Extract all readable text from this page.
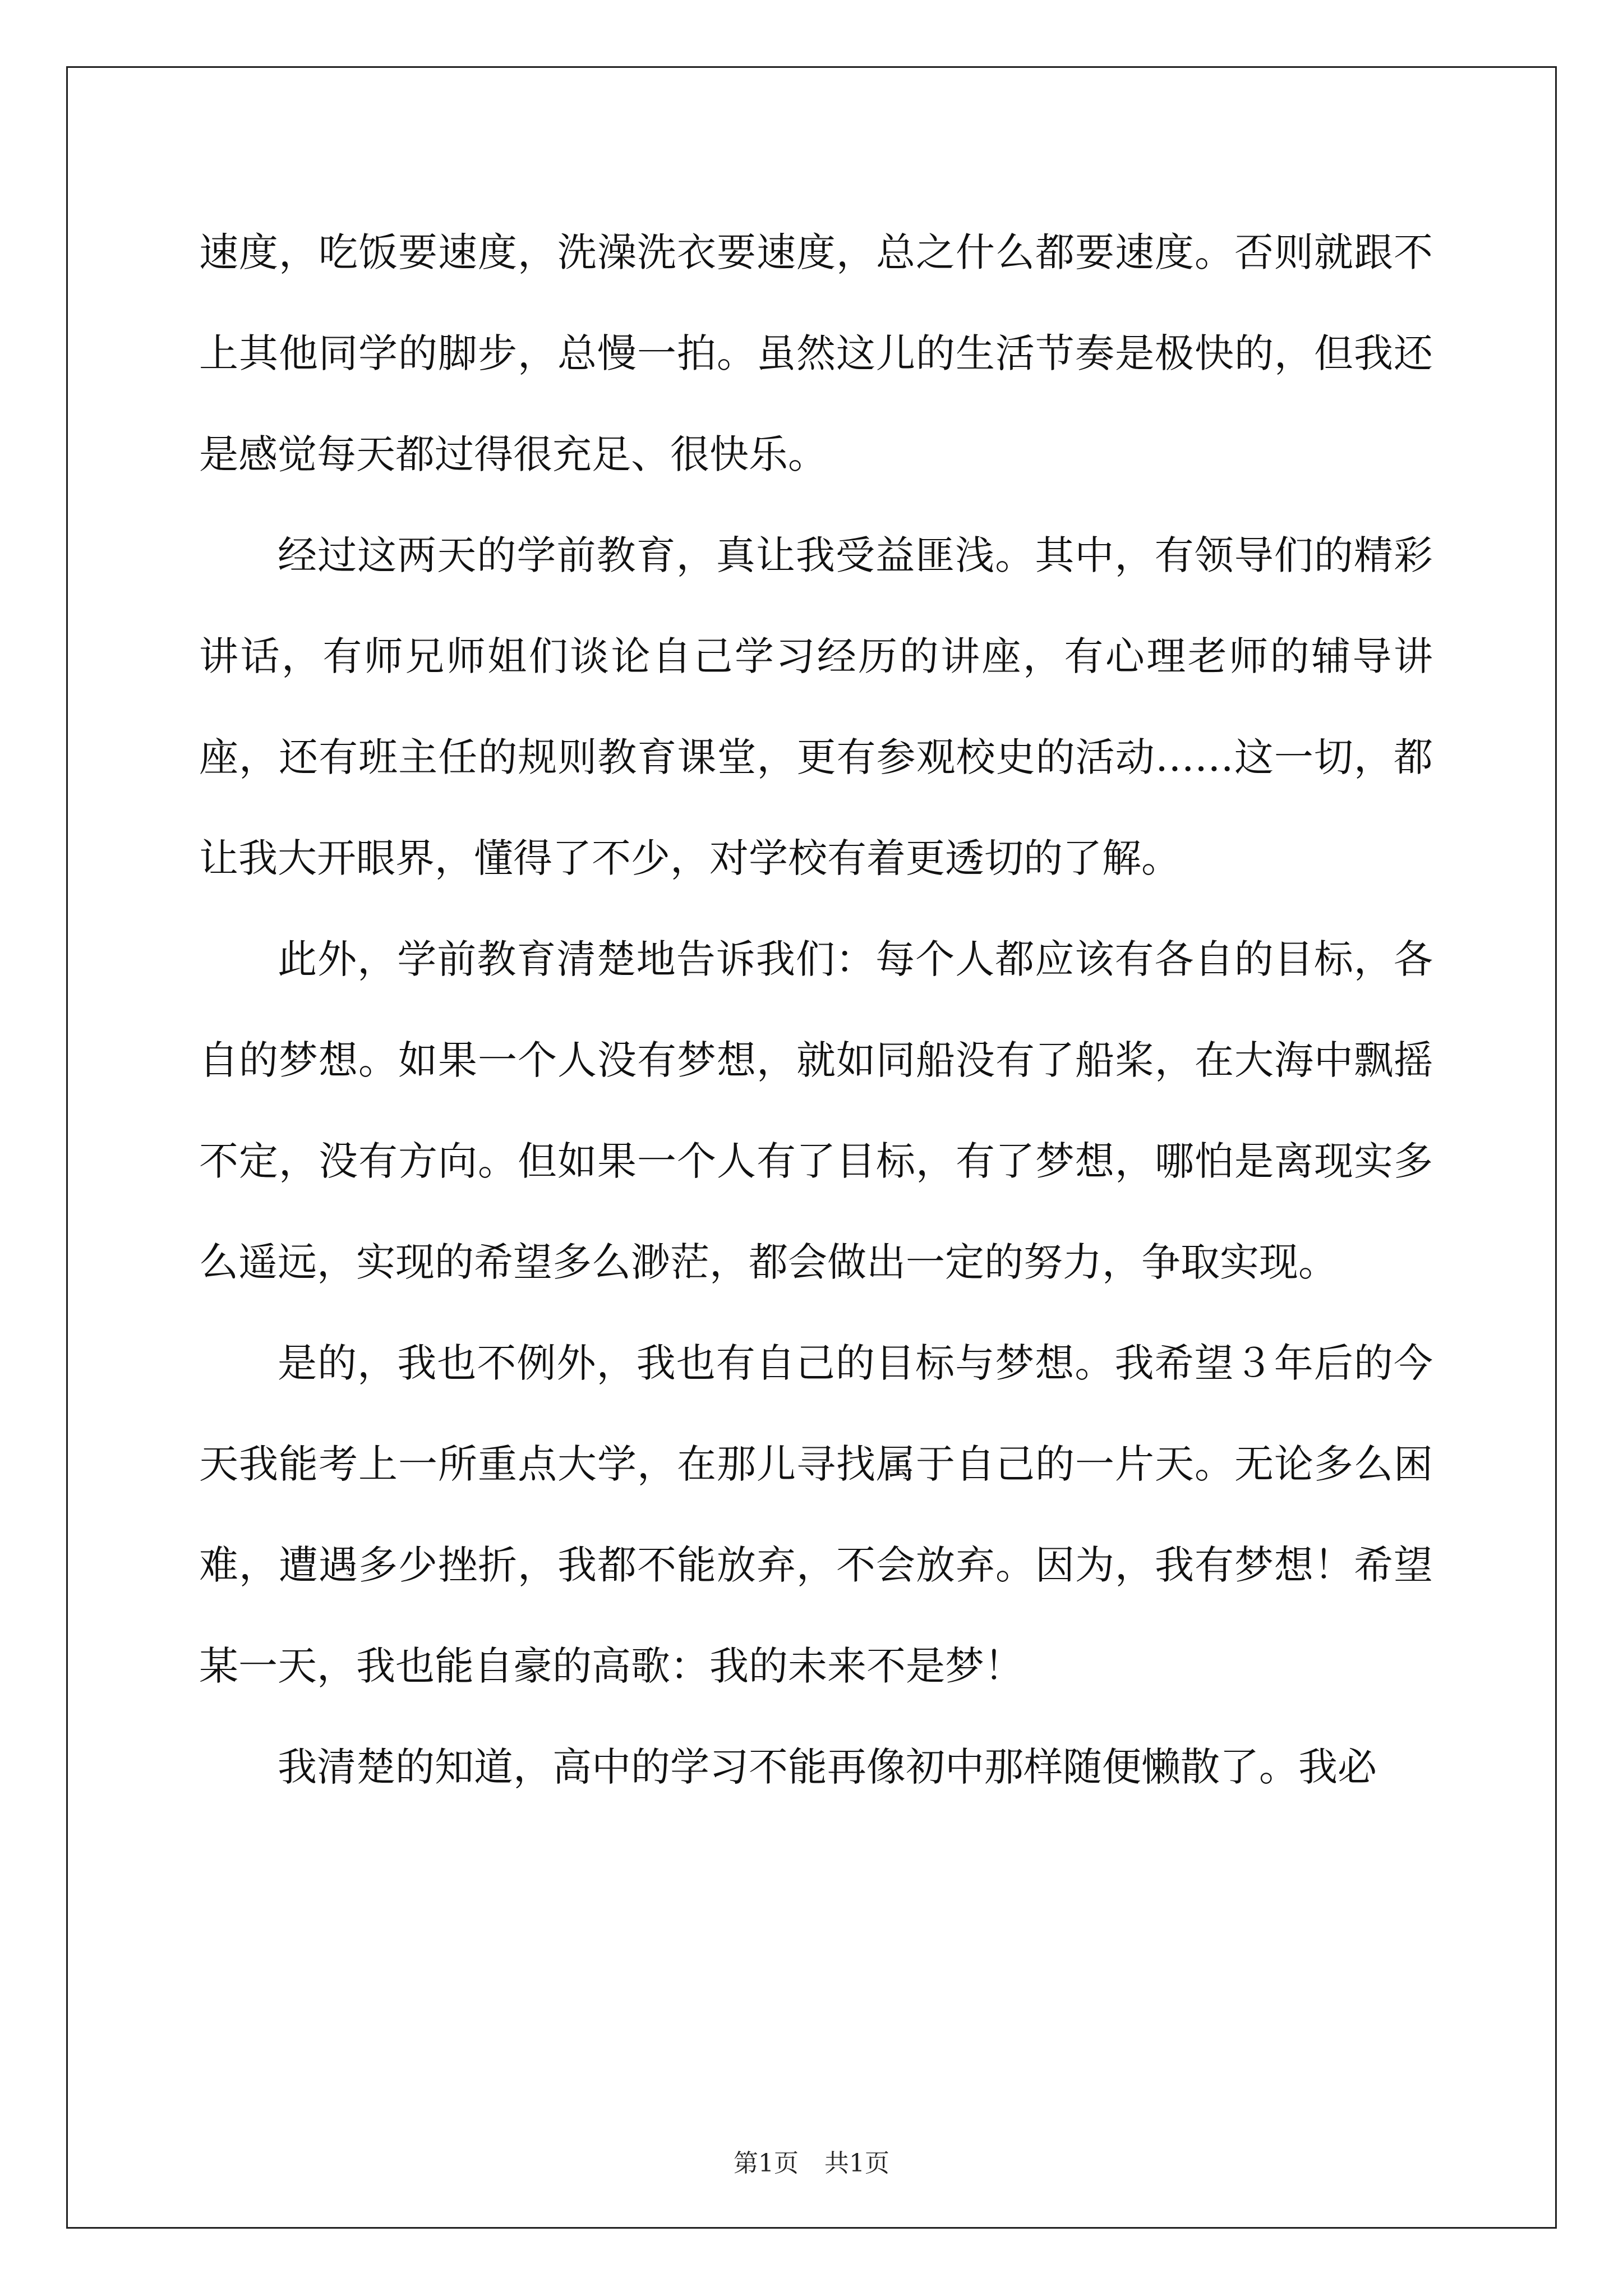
速度，吃饭要速度，洗澡洗衣要速度，总之什么都要速度。否则就跟不上其他同学的脚步，总慢一拍。虽然这儿的生活节奏是极快的，但我还是感觉每天都过得很充足、很快乐。

经过这两天的学前教育，真让我受益匪浅。其中，有领导们的精彩讲话，有师兄师姐们谈论自己学习经历的讲座，有心理老师的辅导讲座，还有班主任的规则教育课堂，更有参观校史的活动……这一切，都让我大开眼界，懂得了不少，对学校有着更透切的了解。

此外，学前教育清楚地告诉我们：每个人都应该有各自的目标，各自的梦想。如果一个人没有梦想，就如同船没有了船桨，在大海中飘摇不定，没有方向。但如果一个人有了目标，有了梦想，哪怕是离现实多么遥远，实现的希望多么渺茫，都会做出一定的努力，争取实现。

是的，我也不例外，我也有自己的目标与梦想。我希望３年后的今天我能考上一所重点大学，在那儿寻找属于自己的一片天。无论多么困难，遭遇多少挫折，我都不能放弃，不会放弃。因为，我有梦想！希望某一天，我也能自豪的高歌：我的未来不是梦！

我清楚的知道，高中的学习不能再像初中那样随便懒散了。我必

第1页 共1页
